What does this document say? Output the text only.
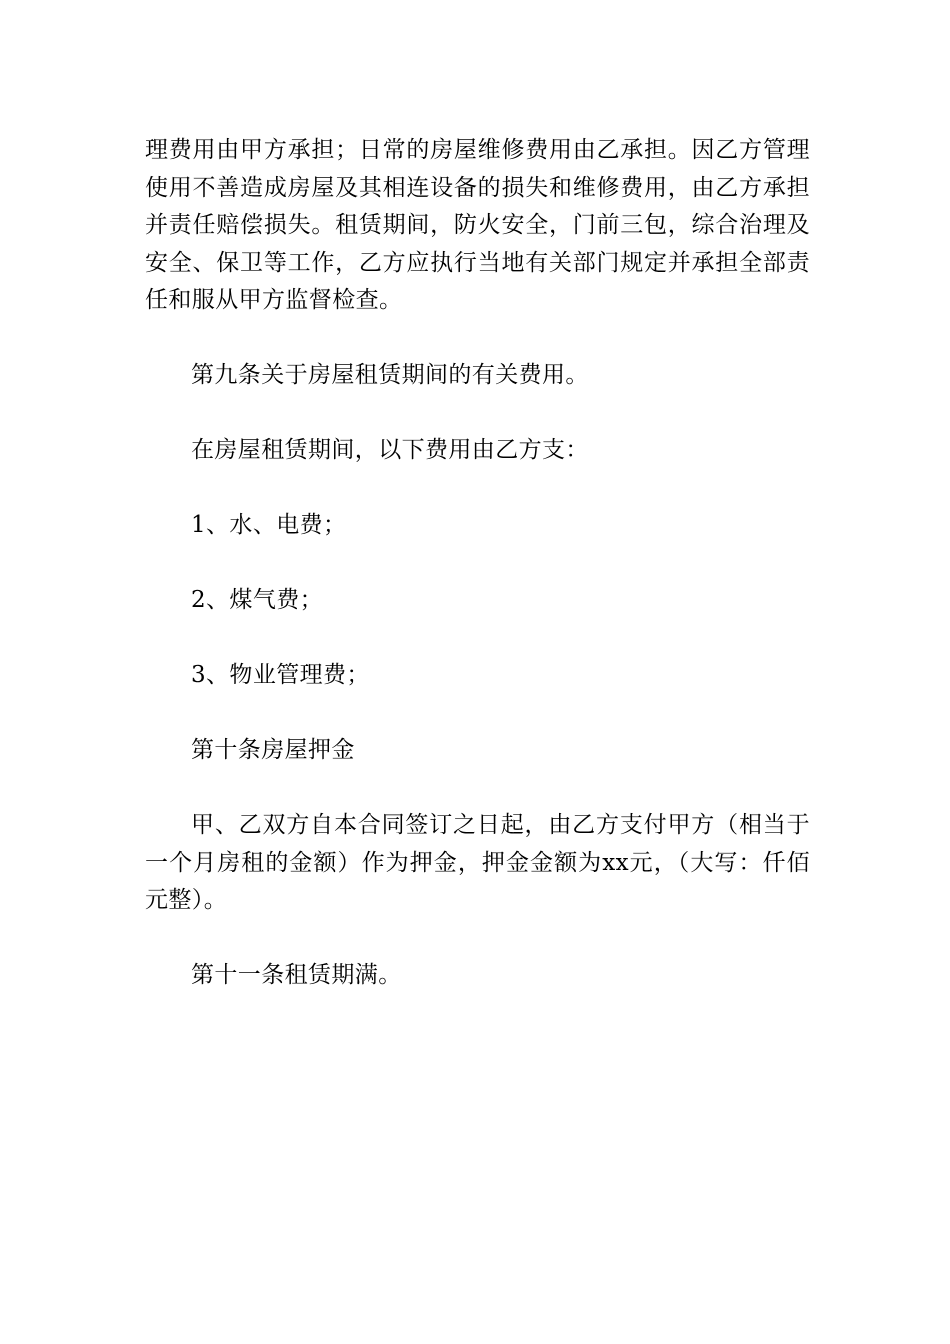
理费用由甲方承担；日常的房屋维修费用由乙承担。因乙方管理使用不善造成房屋及其相连设备的损失和维修费用，由乙方承担并责任赔偿损失。租赁期间，防火安全，门前三包，综合治理及安全、保卫等工作，乙方应执行当地有关部门规定并承担全部责任和服从甲方监督检查。

第九条关于房屋租赁期间的有关费用。

在房屋租赁期间，以下费用由乙方支：

1、水、电费；

2、煤气费；

3、物业管理费；

第十条房屋押金

甲、乙双方自本合同签订之日起，由乙方支付甲方（相当于一个月房租的金额）作为押金，押金金额为xx元，（大写：仟佰元整）。

第十一条租赁期满。
